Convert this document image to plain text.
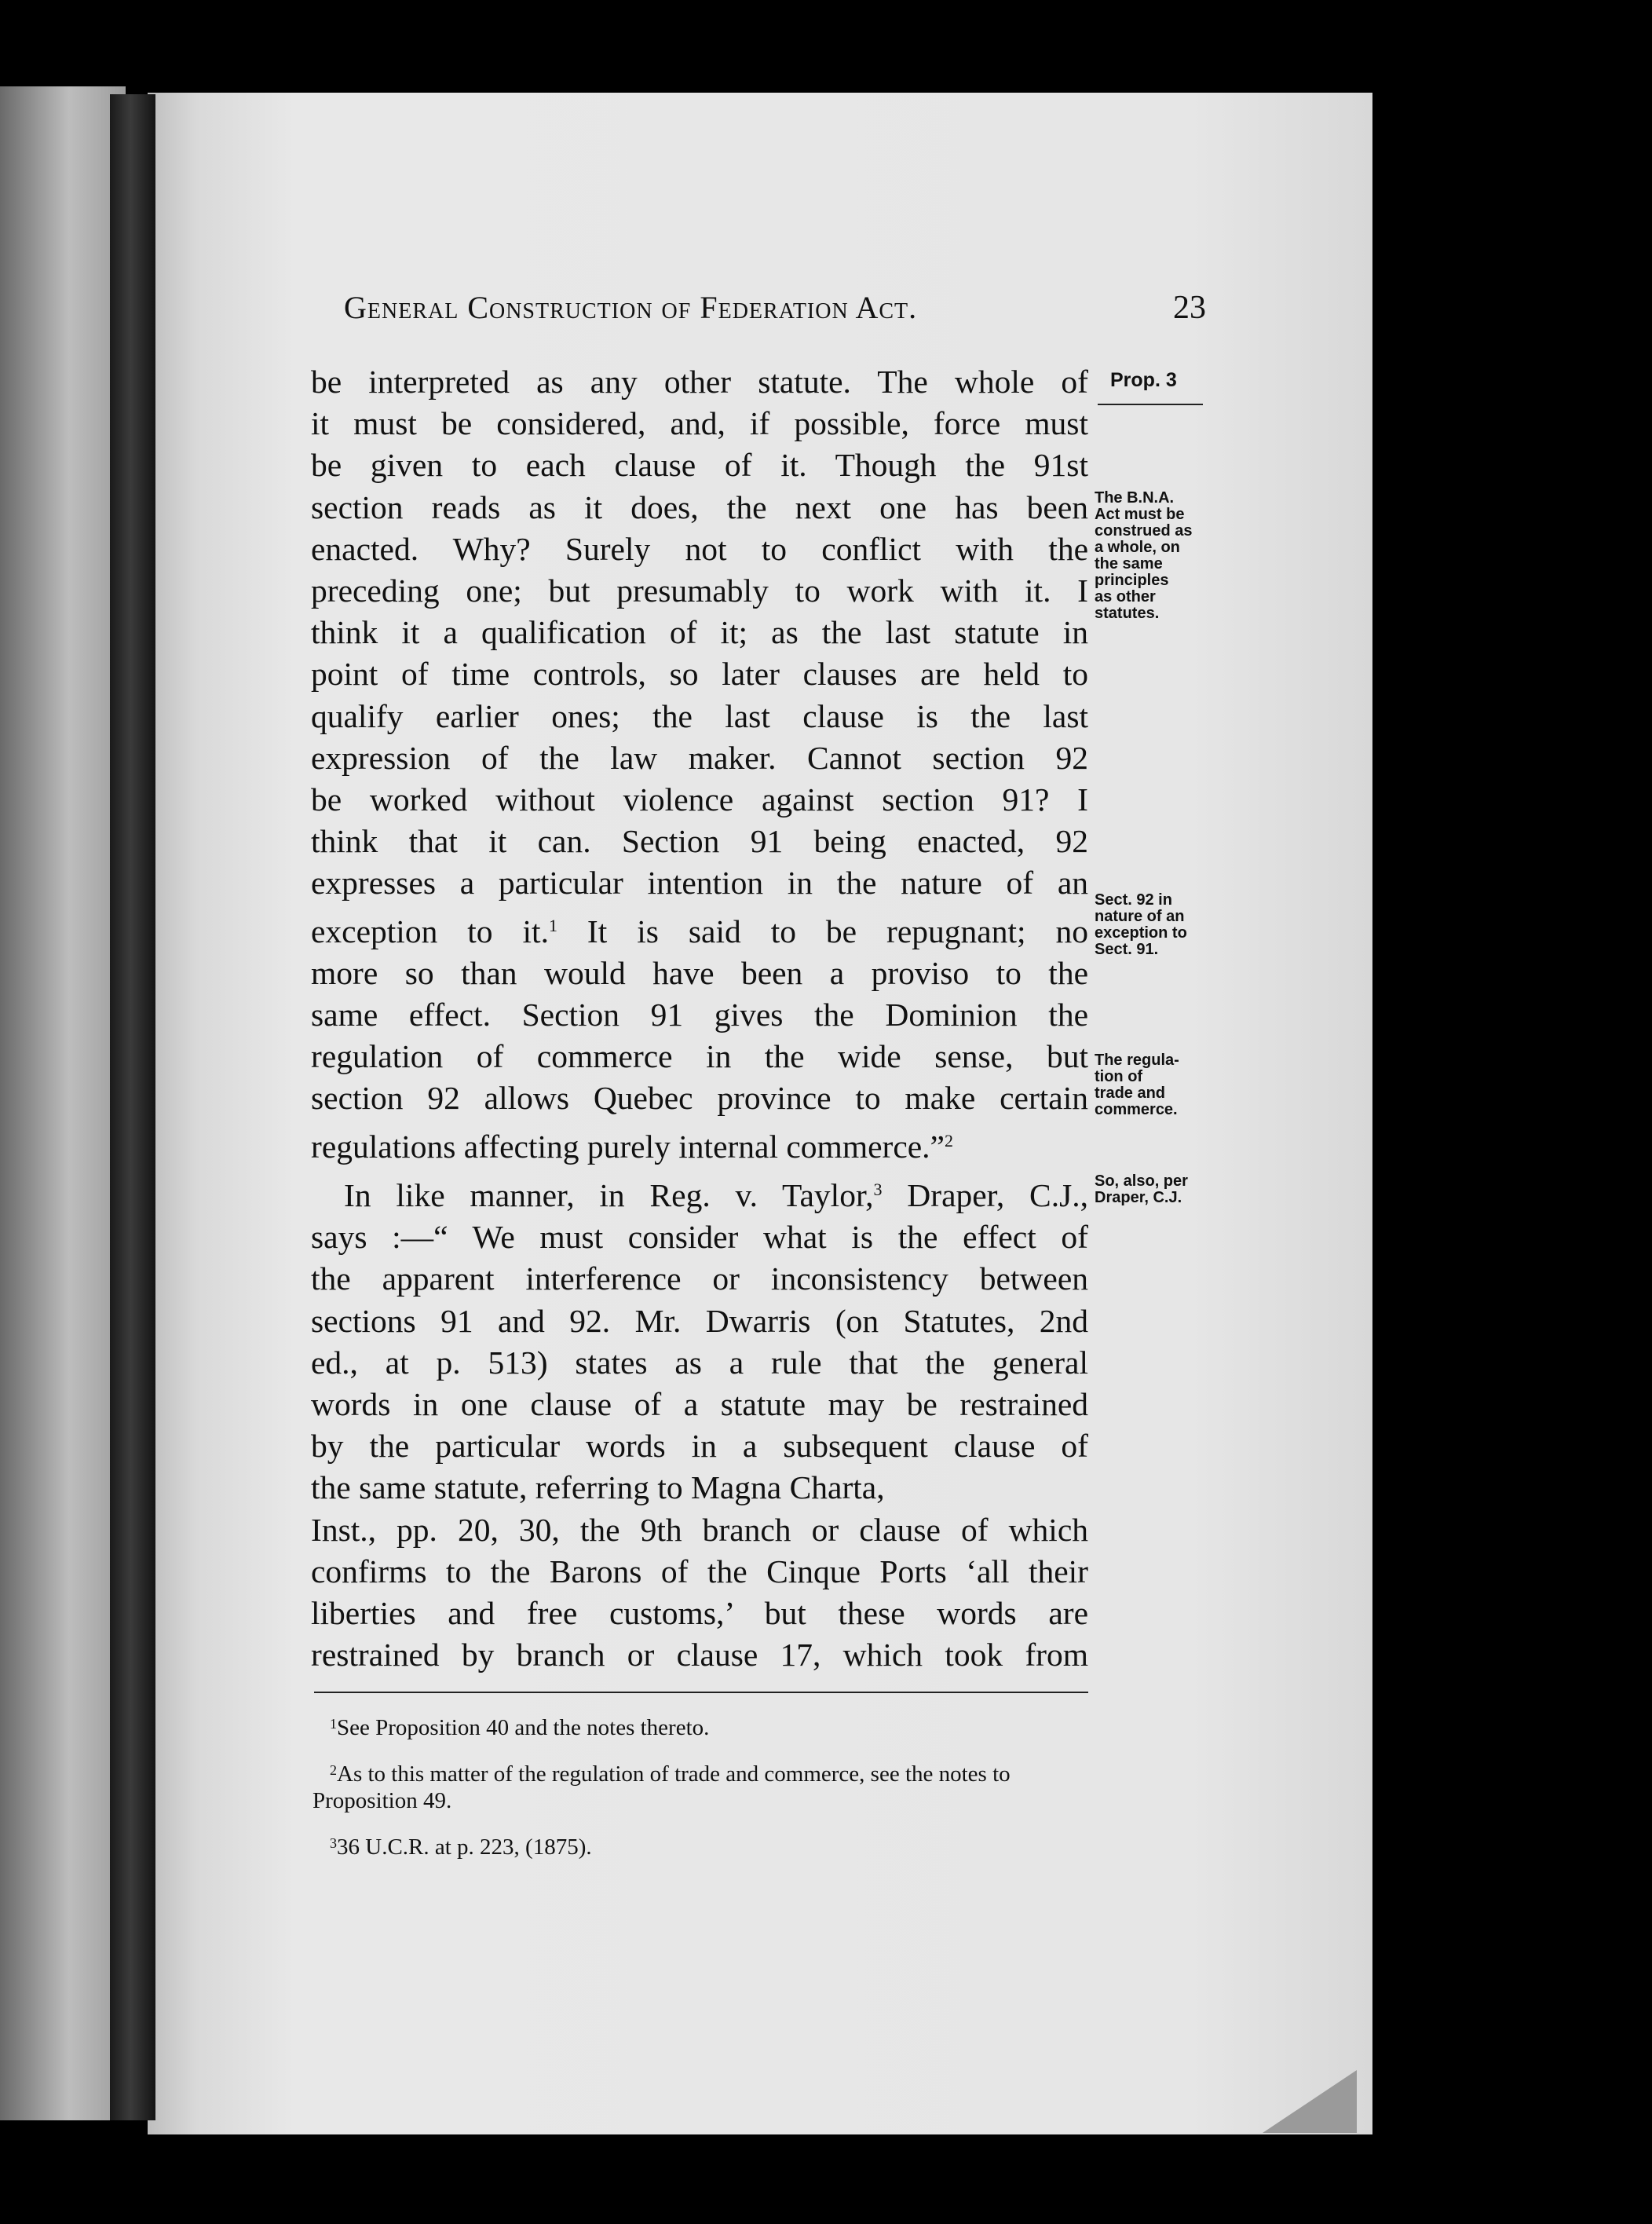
General Construction of Federation Act.	23
Prop. 3
be interpreted as any other statute. The whole of
it must be considered, and, if possible, force must
be given to each clause of it. Though the 91st
section reads as it does, the next one has been
enacted. Why? Surely not to conflict with the
preceding one; but presumably to work with it. I
think it a qualification of it; as the last statute in
point of time controls, so later clauses are held to
qualify earlier ones; the last clause is the last
expression of the law maker. Cannot section 92
be worked without violence against section 91? I
think that it can. Section 91 being enacted, 92
expresses a particular intention in the nature of an
exception to it.$^1$ It is said to be repugnant; no
more so than would have been a proviso to the
same effect. Section 91 gives the Dominion the
regulation of commerce in the wide sense, but
section 92 allows Quebec province to make certain
regulations affecting purely internal commerce.”$^2$
In like manner, in Reg. v. Taylor,$^3$ Draper, C.J.,
says :—“ We must consider what is the effect of
the apparent interference or inconsistency between
sections 91 and 92. Mr. Dwarris (on Statutes, 2nd
ed., at p. 513) states as a rule that the general
words in one clause of a statute may be restrained
by the particular words in a subsequent clause of
the same statute, referring to Magna Charta,
Inst., pp. 20, 30, the 9th branch or clause of which
confirms to the Barons of the Cinque Ports ‘all their
liberties and free customs,’ but these words are
restrained by branch or clause 17, which took from
The B.N.A.
Act must be
construed as
a whole, on
the same
principles
as other
statutes.
Sect. 92 in
nature of an
exception to
Sect. 91.
The regula-
tion of
trade and
commerce.
So, also, per
Draper, C.J.

$^1$See Proposition 40 and the notes thereto.

$^2$As to this matter of the regulation of trade and commerce, see the notes to Proposition 49.

$^3$36 U.C.R. at p. 223, (1875).
